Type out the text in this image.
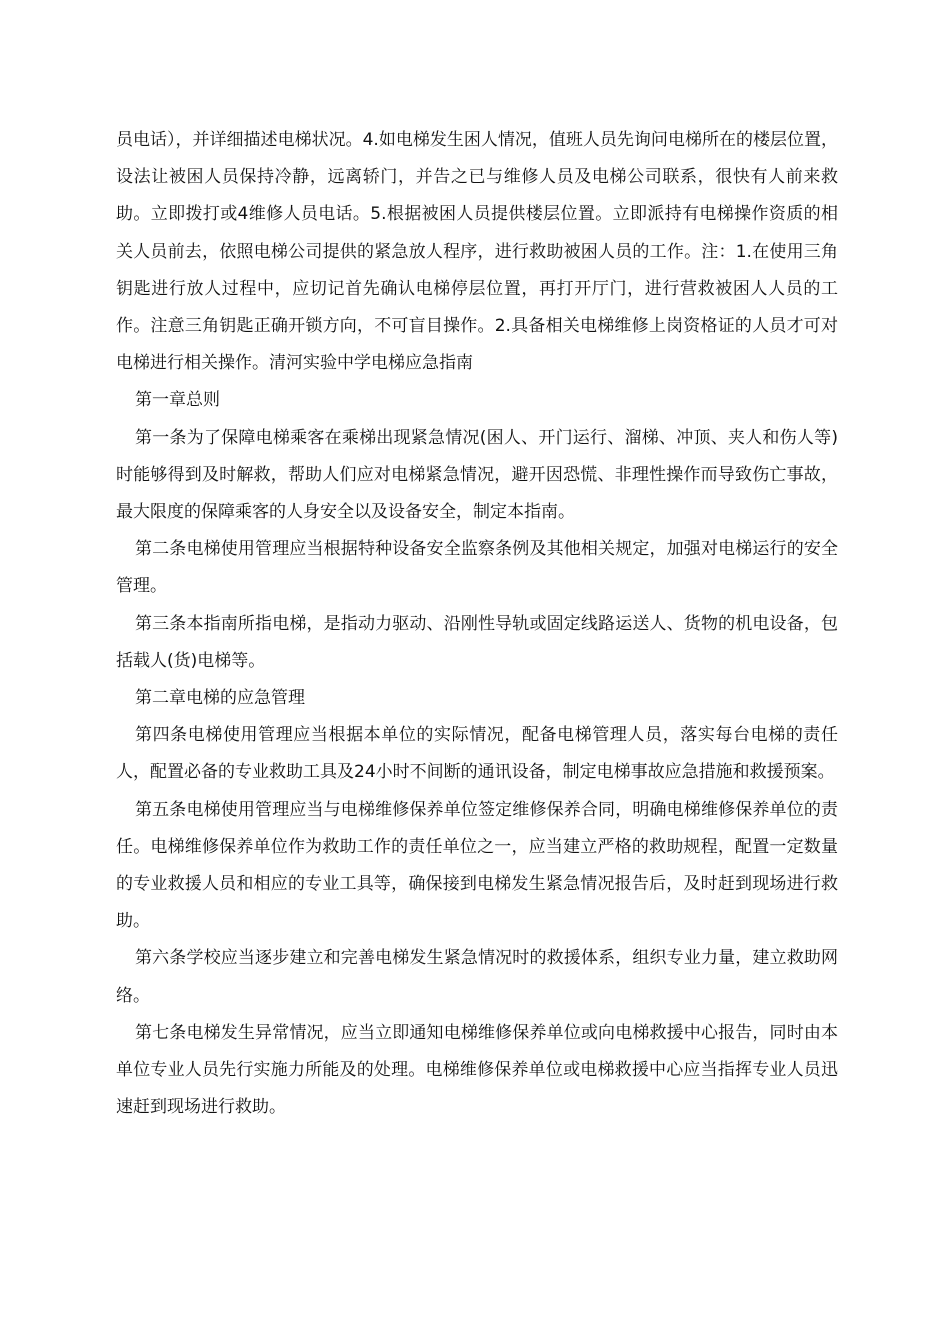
员电话），并详细描述电梯状况。4.如电梯发生困人情况，值班人员先询问电梯所在的楼层位置，设法让被困人员保持冷静，远离轿门，并告之已与维修人员及电梯公司联系，很快有人前来救助。立即拨打或4维修人员电话。5.根据被困人员提供楼层位置。立即派持有电梯操作资质的相关人员前去，依照电梯公司提供的紧急放人程序，进行救助被困人员的工作。注：1.在使用三角钥匙进行放人过程中，应切记首先确认电梯停层位置，再打开厅门，进行营救被困人人员的工作。注意三角钥匙正确开锁方向，不可盲目操作。2.具备相关电梯维修上岗资格证的人员才可对电梯进行相关操作。清河实验中学电梯应急指南

第一章总则

第一条为了保障电梯乘客在乘梯出现紧急情况(困人、开门运行、溜梯、冲顶、夹人和伤人等)时能够得到及时解救，帮助人们应对电梯紧急情况，避开因恐慌、非理性操作而导致伤亡事故，最大限度的保障乘客的人身安全以及设备安全，制定本指南。

第二条电梯使用管理应当根据特种设备安全监察条例及其他相关规定，加强对电梯运行的安全管理。

第三条本指南所指电梯，是指动力驱动、沿刚性导轨或固定线路运送人、货物的机电设备，包括载人(货)电梯等。

第二章电梯的应急管理

第四条电梯使用管理应当根据本单位的实际情况，配备电梯管理人员，落实每台电梯的责任人，配置必备的专业救助工具及24小时不间断的通讯设备，制定电梯事故应急措施和救援预案。

第五条电梯使用管理应当与电梯维修保养单位签定维修保养合同，明确电梯维修保养单位的责任。电梯维修保养单位作为救助工作的责任单位之一，应当建立严格的救助规程，配置一定数量的专业救援人员和相应的专业工具等，确保接到电梯发生紧急情况报告后，及时赶到现场进行救助。

第六条学校应当逐步建立和完善电梯发生紧急情况时的救援体系，组织专业力量，建立救助网络。

第七条电梯发生异常情况，应当立即通知电梯维修保养单位或向电梯救援中心报告，同时由本单位专业人员先行实施力所能及的处理。电梯维修保养单位或电梯救援中心应当指挥专业人员迅速赶到现场进行救助。
